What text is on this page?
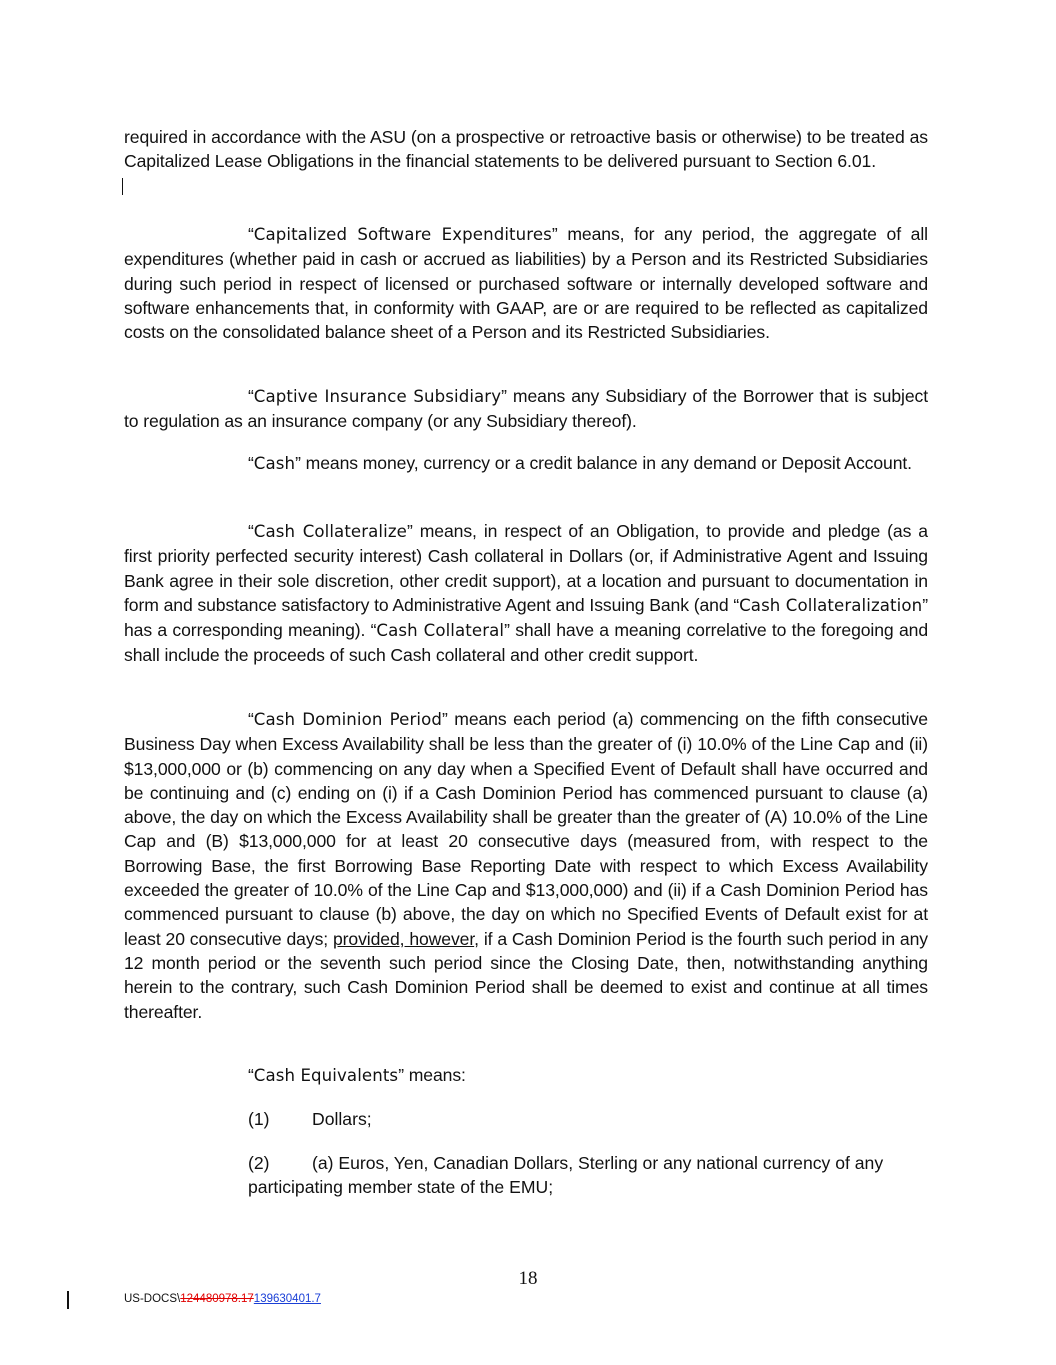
required in accordance with the ASU (on a prospective or retroactive basis or otherwise) to be treated as Capitalized Lease Obligations in the financial statements to be delivered pursuant to Section 6.01.

“Capitalized Software Expenditures” means, for any period, the aggregate of all expenditures (whether paid in cash or accrued as liabilities) by a Person and its Restricted Subsidiaries during such period in respect of licensed or purchased software or internally developed software and software enhancements that, in conformity with GAAP, are or are required to be reflected as capitalized costs on the consolidated balance sheet of a Person and its Restricted Subsidiaries.

“Captive Insurance Subsidiary” means any Subsidiary of the Borrower that is subject to regulation as an insurance company (or any Subsidiary thereof).

“Cash” means money, currency or a credit balance in any demand or Deposit Account.

“Cash Collateralize” means, in respect of an Obligation, to provide and pledge (as a first priority perfected security interest) Cash collateral in Dollars (or, if Administrative Agent and Issuing Bank agree in their sole discretion, other credit support), at a location and pursuant to documentation in form and substance satisfactory to Administrative Agent and Issuing Bank (and “Cash Collateralization” has a corresponding meaning). “Cash Collateral” shall have a meaning correlative to the foregoing and shall include the proceeds of such Cash collateral and other credit support.

“Cash Dominion Period” means each period (a) commencing on the fifth consecutive Business Day when Excess Availability shall be less than the greater of (i) 10.0% of the Line Cap and (ii) $13,000,000 or (b) commencing on any day when a Specified Event of Default shall have occurred and be continuing and (c) ending on (i) if a Cash Dominion Period has commenced pursuant to clause (a) above, the day on which the Excess Availability shall be greater than the greater of (A) 10.0% of the Line Cap and (B) $13,000,000 for at least 20 consecutive days (measured from, with respect to the Borrowing Base, the first Borrowing Base Reporting Date with respect to which Excess Availability exceeded the greater of 10.0% of the Line Cap and $13,000,000) and (ii) if a Cash Dominion Period has commenced pursuant to clause (b) above, the day on which no Specified Events of Default exist for at least 20 consecutive days; provided, however, if a Cash Dominion Period is the fourth such period in any 12 month period or the seventh such period since the Closing Date, then, notwithstanding anything herein to the contrary, such Cash Dominion Period shall be deemed to exist and continue at all times thereafter.

“Cash Equivalents” means:

(1) Dollars;
(2) (a) Euros, Yen, Canadian Dollars, Sterling or any national currency of any participating member state of the EMU;
18
US-DOCS\124480978.17139630401.7
